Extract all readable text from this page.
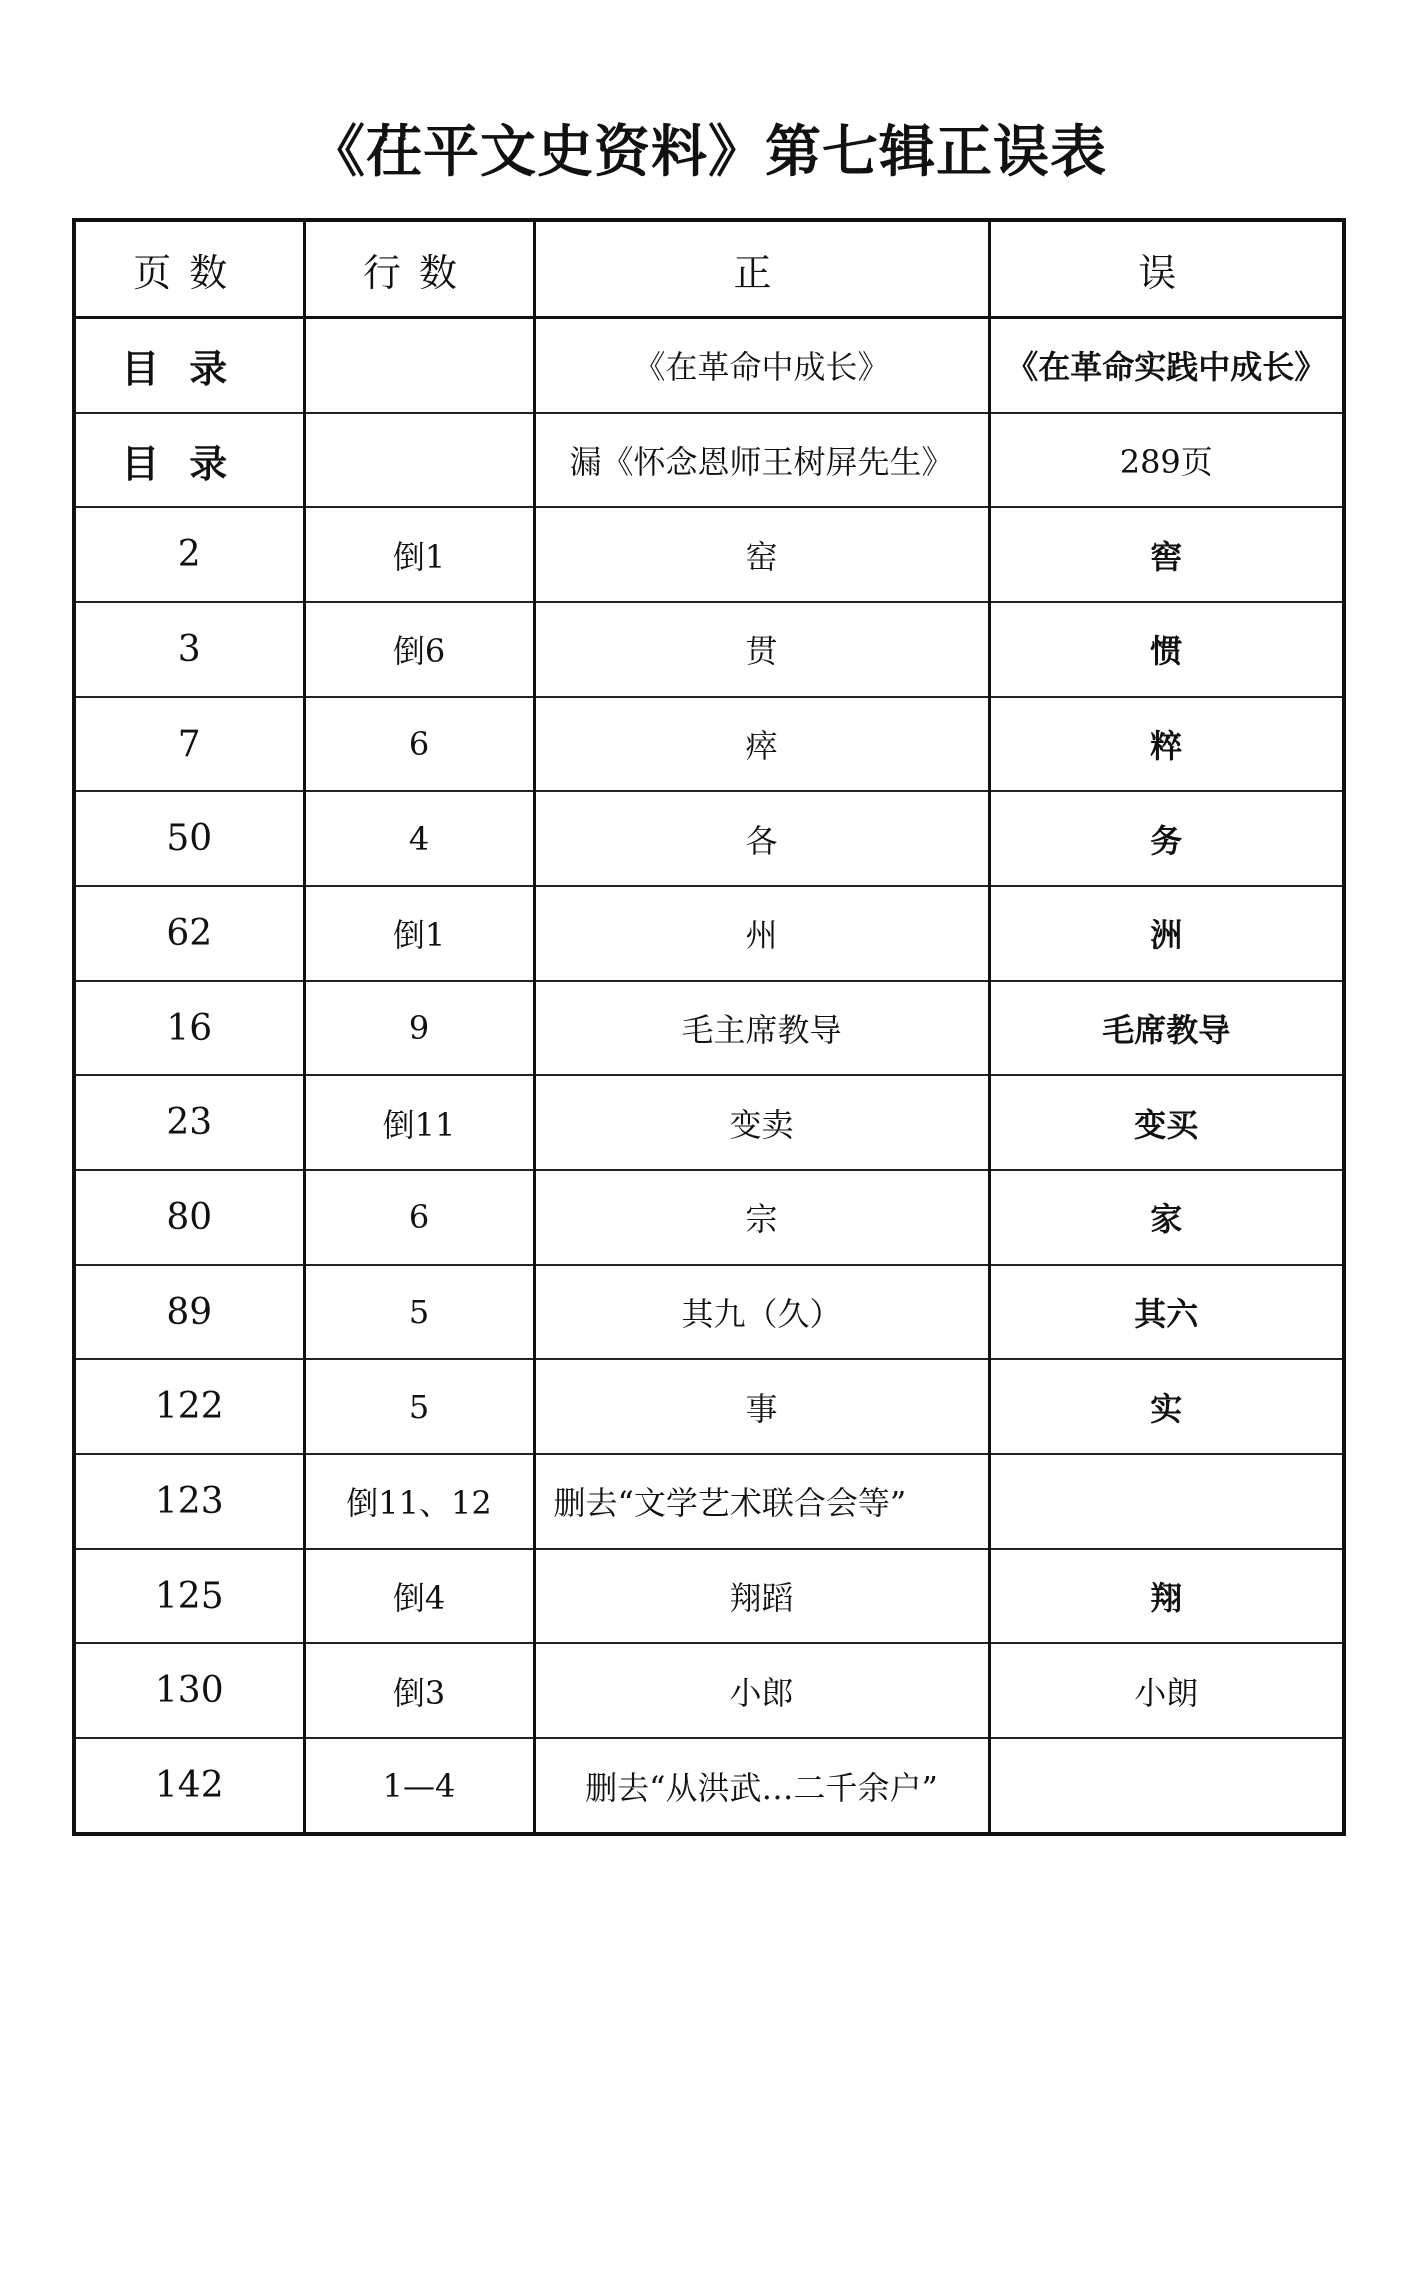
《茌平文史资料》第七辑正误表
页数	行数	正	误
目录		《在革命中成长》	《在革命实践中成长》
目录		漏《怀念恩师王树屏先生》	289页
2	倒1	窑	窖
3	倒6	贯	惯
7	6	瘁	粹
50	4	各	务
62	倒1	州	洲
16	9	毛主席教导	毛席教导
23	倒11	变卖	变买
80	6	宗	家
89	5	其九（久）	其六
122	5	事	实
123	倒11、12	删去“文学艺术联合会等”	
125	倒4	翔蹈	翔
130	倒3	小郎	小朗
142	1—4	删去“从洪武…二千余户”	
